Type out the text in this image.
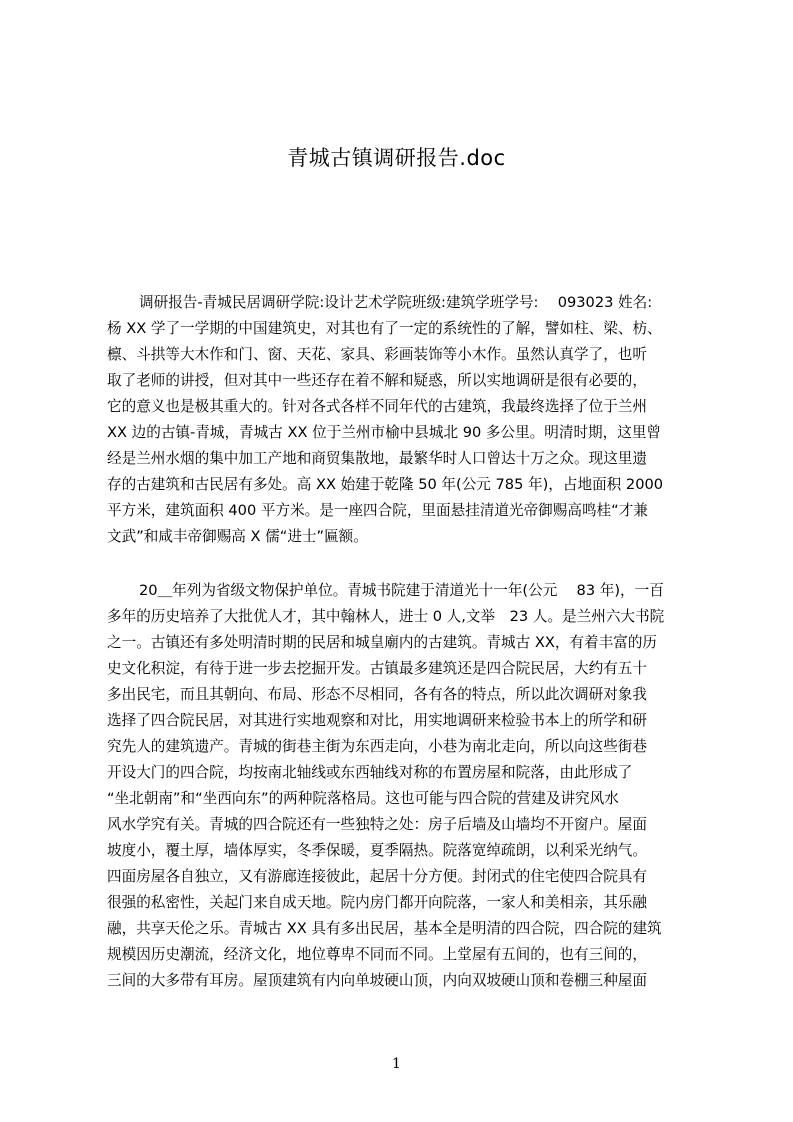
青城古镇调研报告.doc
调研报告-青城民居调研学院:设计艺术学院班级:建筑学班学号:　 093023 姓名:
杨 XX 学了一学期的中国建筑史，对其也有了一定的系统性的了解，譬如柱、梁、枋、
檩、斗拱等大木作和门、窗、天花、家具、彩画装饰等小木作。虽然认真学了，也听
取了老师的讲授，但对其中一些还存在着不解和疑惑，所以实地调研是很有必要的，
它的意义也是极其重大的。针对各式各样不同年代的古建筑，我最终选择了位于兰州
XX 边的古镇-青城，青城古 XX 位于兰州市榆中县城北 90 多公里。明清时期，这里曾
经是兰州水烟的集中加工产地和商贸集散地，最繁华时人口曾达十万之众。现这里遗
存的古建筑和古民居有多处。高 XX 始建于乾隆 50 年(公元 785 年)，占地面积 2000
平方米，建筑面积 400 平方米。是一座四合院，里面悬挂清道光帝御赐高鸣桂“才兼
文武”和咸丰帝御赐高 X 儒“进士”匾额。
20＿年列为省级文物保护单位。青城书院建于清道光十一年(公元　 83 年)，一百
多年的历史培养了大批优人才，其中翰林人，进士 0 人,文举　23 人。是兰州六大书院
之一。古镇还有多处明清时期的民居和城皇廟内的古建筑。青城古 XX，有着丰富的历
史文化积淀，有待于进一步去挖掘开发。古镇最多建筑还是四合院民居，大约有五十
多出民宅，而且其朝向、布局、形态不尽相同，各有各的特点，所以此次调研对象我
选择了四合院民居，对其进行实地观察和对比，用实地调研来检验书本上的所学和研
究先人的建筑遗产。青城的街巷主街为东西走向，小巷为南北走向，所以向这些街巷
开设大门的四合院，均按南北轴线或东西轴线对称的布置房屋和院落，由此形成了
“坐北朝南”和“坐西向东”的两种院落格局。这也可能与四合院的营建及讲究风水
风水学究有关。青城的四合院还有一些独特之处：房子后墙及山墙均不开窗户。屋面
坡度小，覆土厚，墙体厚实，冬季保暖，夏季隔热。院落宽绰疏朗，以利采光纳气。
四面房屋各自独立，又有游廊连接彼此，起居十分方便。封闭式的住宅使四合院具有
很强的私密性，关起门来自成天地。院内房门都开向院落，一家人和美相亲，其乐融
融，共享天伦之乐。青城古 XX 具有多出民居，基本全是明清的四合院，四合院的建筑
规模因历史潮流，经济文化，地位尊卑不同而不同。上堂屋有五间的，也有三间的，
三间的大多带有耳房。屋顶建筑有内向单坡硬山顶，内向双坡硬山顶和卷棚三种屋面
1
